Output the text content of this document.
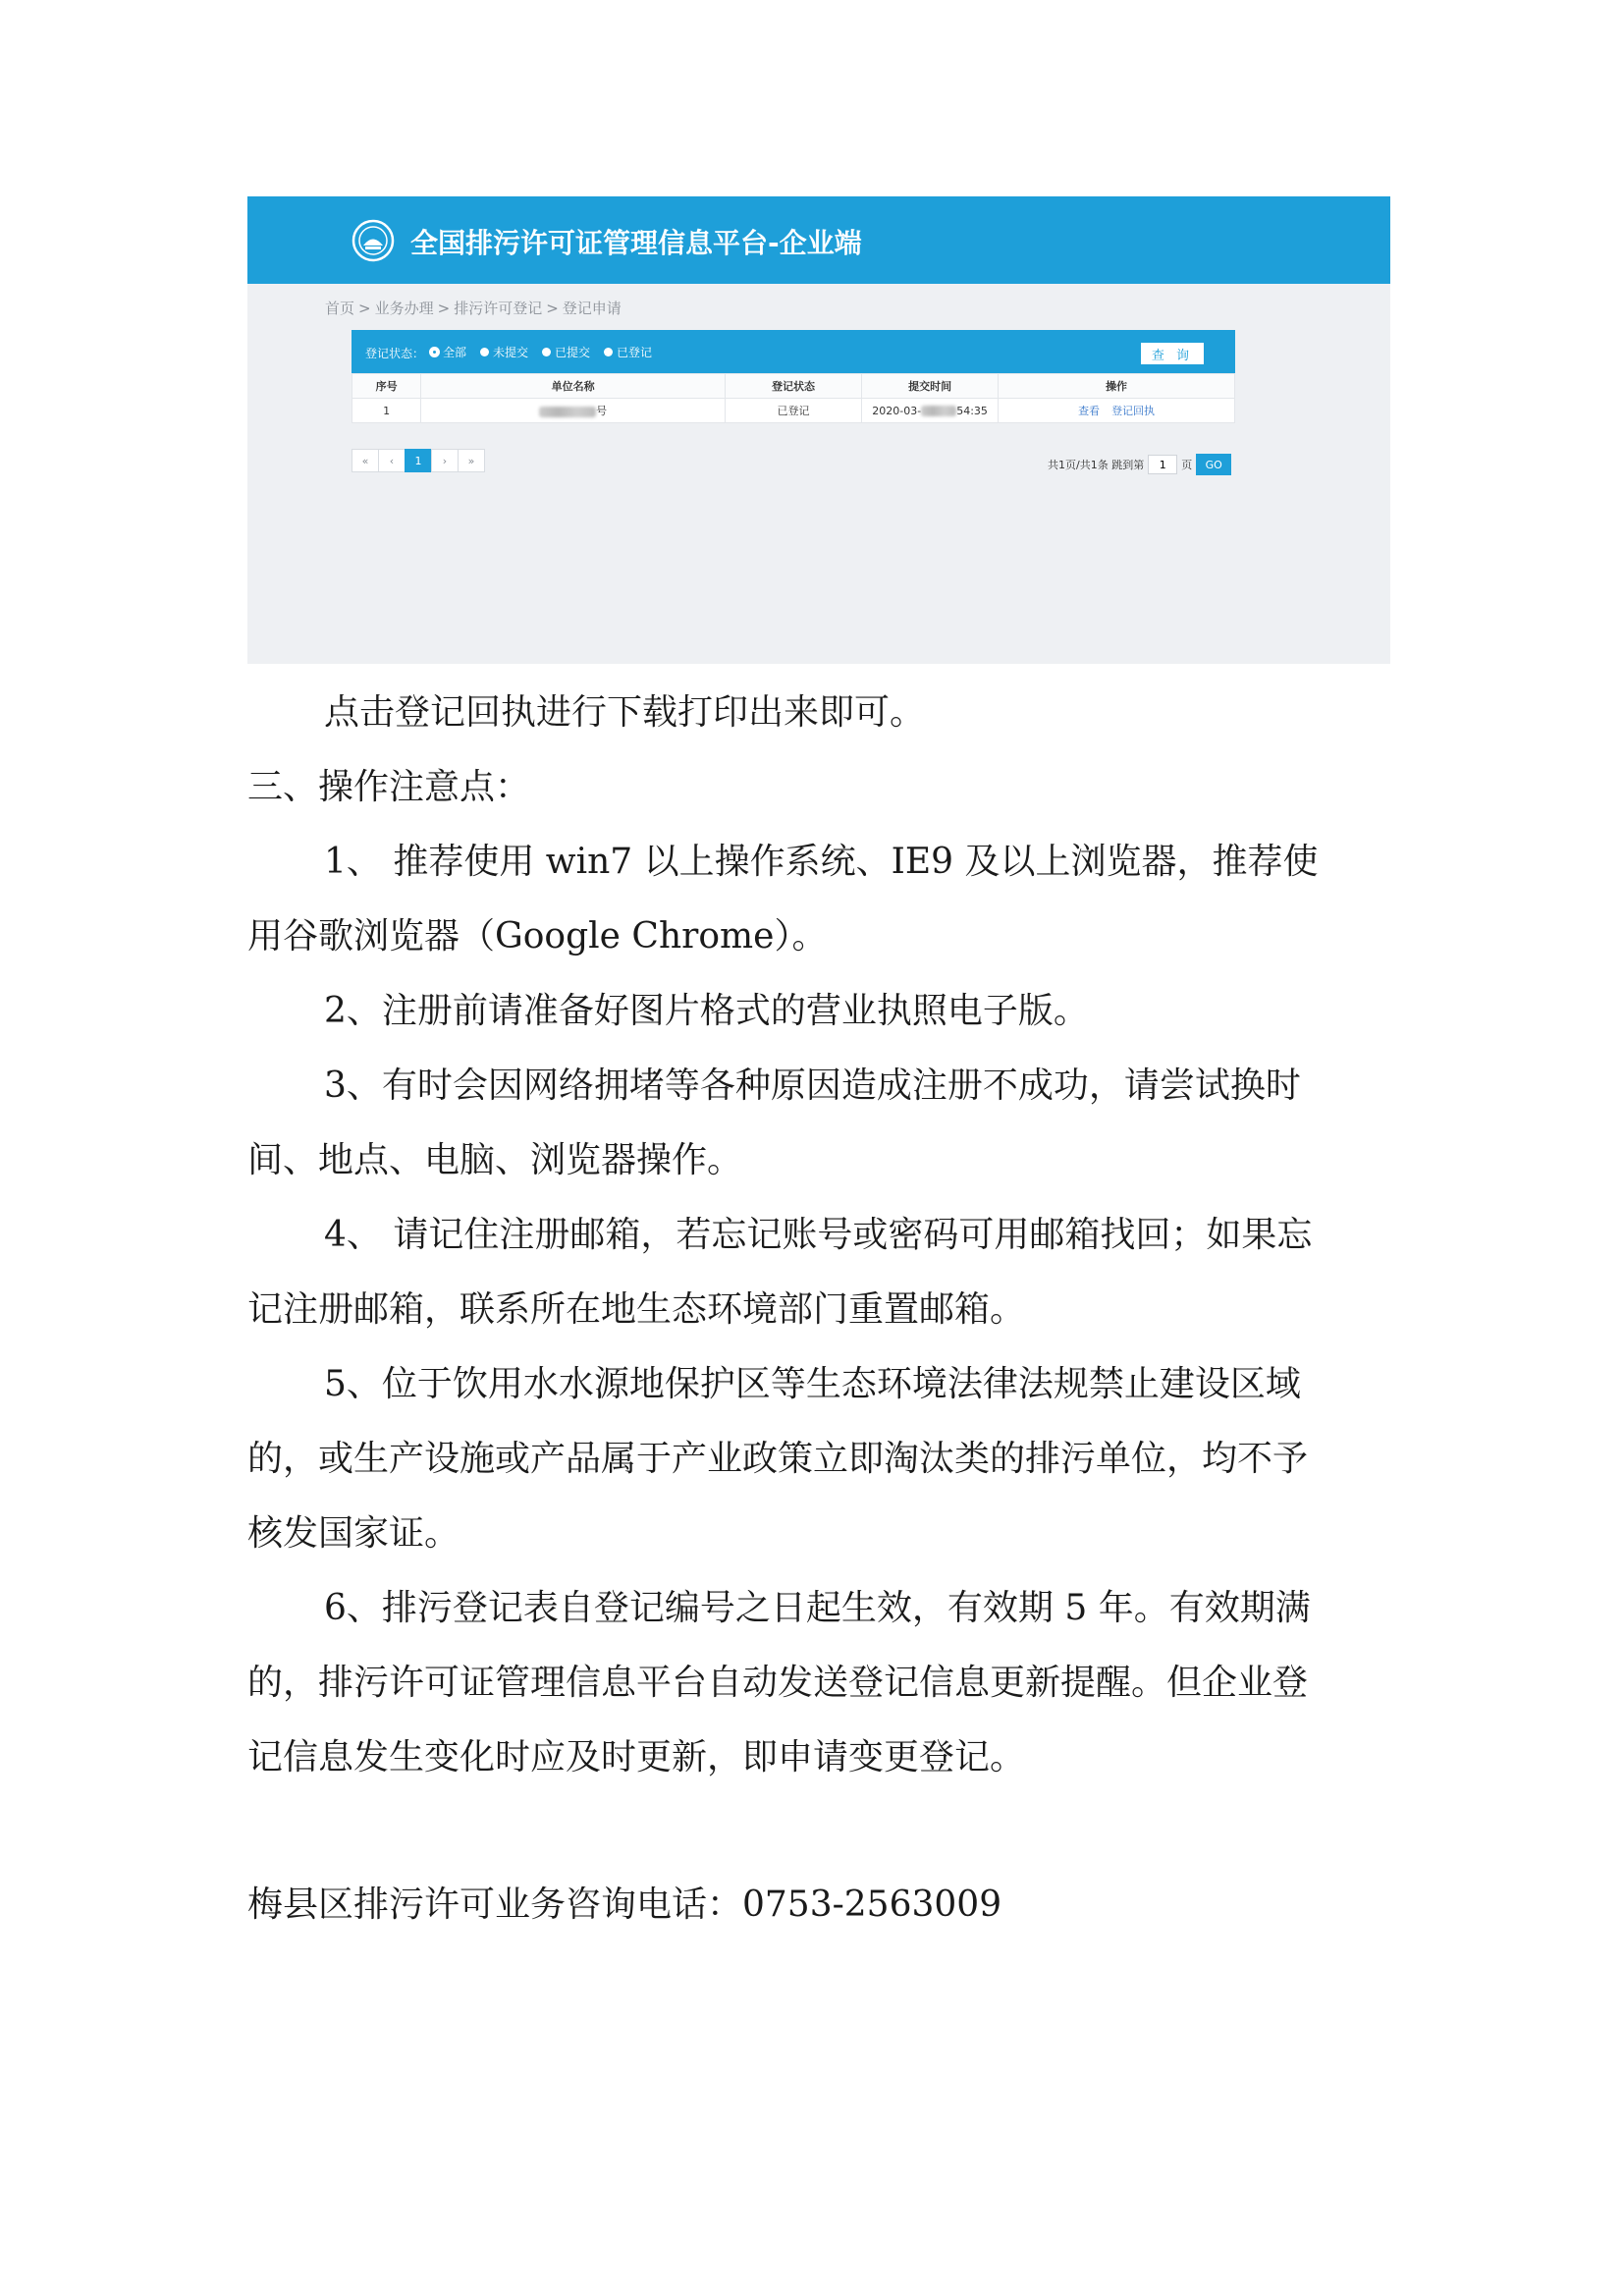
全国排污许可证管理信息平台-企业端
首页 > 业务办理 > 排污许可登记 > 登记申请
登记状态： 全部 未提交 已提交 已登记	查 询
序号	单位名称	登记状态	提交时间	操作
1	号	已登记	2020-03- 54:35	查看 登记回执
«	‹	1	›	»	共1页/共1条 跳到第
1	页	GO

点击登记回执进行下载打印出来即可。

三、操作注意点：

1、 推荐使用 win7 以上操作系统、IE9 及以上浏览器，推荐使
用谷歌浏览器（Google Chrome）。

2、注册前请准备好图片格式的营业执照电子版。

3、有时会因网络拥堵等各种原因造成注册不成功，请尝试换时
间、地点、电脑、浏览器操作。

4、 请记住注册邮箱，若忘记账号或密码可用邮箱找回；如果忘
记注册邮箱，联系所在地生态环境部门重置邮箱。

5、位于饮用水水源地保护区等生态环境法律法规禁止建设区域
的，或生产设施或产品属于产业政策立即淘汰类的排污单位，均不予
核发国家证。

6、排污登记表自登记编号之日起生效，有效期 5 年。有效期满
的，排污许可证管理信息平台自动发送登记信息更新提醒。但企业登
记信息发生变化时应及时更新，即申请变更登记。

梅县区排污许可业务咨询电话：0753-2563009
